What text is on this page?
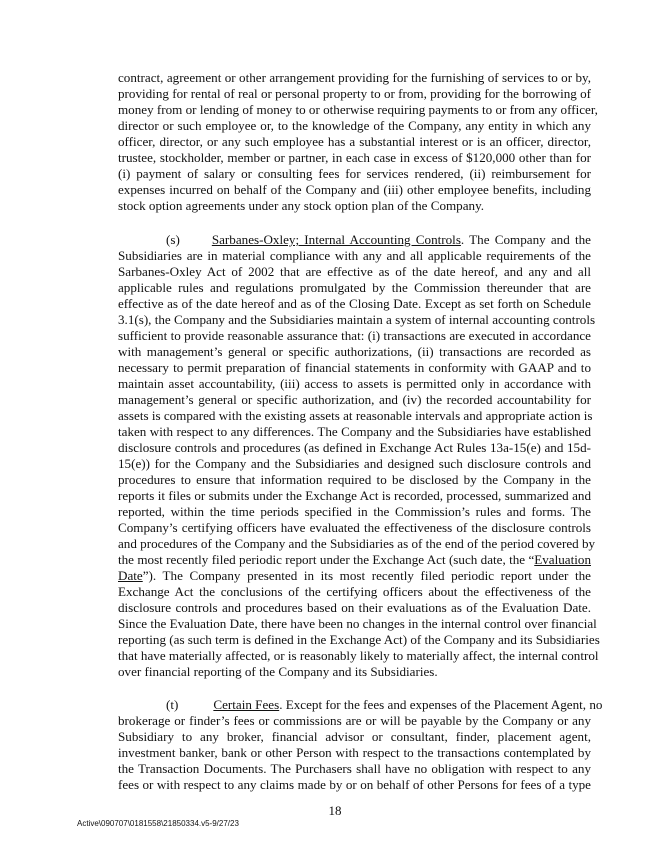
contract, agreement or other arrangement providing for the furnishing of services to or by,
providing for rental of real or personal property to or from, providing for the borrowing of
money from or lending of money to or otherwise requiring payments to or from any officer,
director or such employee or, to the knowledge of the Company, any entity in which any
officer, director, or any such employee has a substantial interest or is an officer, director,
trustee, stockholder, member or partner, in each case in excess of $120,000 other than for
(i) payment of salary or consulting fees for services rendered, (ii) reimbursement for
expenses incurred on behalf of the Company and (iii) other employee benefits, including
stock option agreements under any stock option plan of the Company.
(s) Sarbanes-Oxley; Internal Accounting Controls. The Company and the
Subsidiaries are in material compliance with any and all applicable requirements of the
Sarbanes-Oxley Act of 2002 that are effective as of the date hereof, and any and all
applicable rules and regulations promulgated by the Commission thereunder that are
effective as of the date hereof and as of the Closing Date. Except as set forth on Schedule
3.1(s), the Company and the Subsidiaries maintain a system of internal accounting controls
sufficient to provide reasonable assurance that: (i) transactions are executed in accordance
with management’s general or specific authorizations, (ii) transactions are recorded as
necessary to permit preparation of financial statements in conformity with GAAP and to
maintain asset accountability, (iii) access to assets is permitted only in accordance with
management’s general or specific authorization, and (iv) the recorded accountability for
assets is compared with the existing assets at reasonable intervals and appropriate action is
taken with respect to any differences. The Company and the Subsidiaries have established
disclosure controls and procedures (as defined in Exchange Act Rules 13a-15(e) and 15d-
15(e)) for the Company and the Subsidiaries and designed such disclosure controls and
procedures to ensure that information required to be disclosed by the Company in the
reports it files or submits under the Exchange Act is recorded, processed, summarized and
reported, within the time periods specified in the Commission’s rules and forms. The
Company’s certifying officers have evaluated the effectiveness of the disclosure controls
and procedures of the Company and the Subsidiaries as of the end of the period covered by
the most recently filed periodic report under the Exchange Act (such date, the “Evaluation
Date”). The Company presented in its most recently filed periodic report under the
Exchange Act the conclusions of the certifying officers about the effectiveness of the
disclosure controls and procedures based on their evaluations as of the Evaluation Date.
Since the Evaluation Date, there have been no changes in the internal control over financial
reporting (as such term is defined in the Exchange Act) of the Company and its Subsidiaries
that have materially affected, or is reasonably likely to materially affect, the internal control
over financial reporting of the Company and its Subsidiaries.
(t)	Certain Fees. Except for the fees and expenses of the Placement Agent, no
brokerage or finder’s fees or commissions are or will be payable by the Company or any
Subsidiary to any broker, financial advisor or consultant, finder, placement agent,
investment banker, bank or other Person with respect to the transactions contemplated by
the Transaction Documents. The Purchasers shall have no obligation with respect to any
fees or with respect to any claims made by or on behalf of other Persons for fees of a type
18
Active\090707\0181558\21850334.v5-9/27/23
